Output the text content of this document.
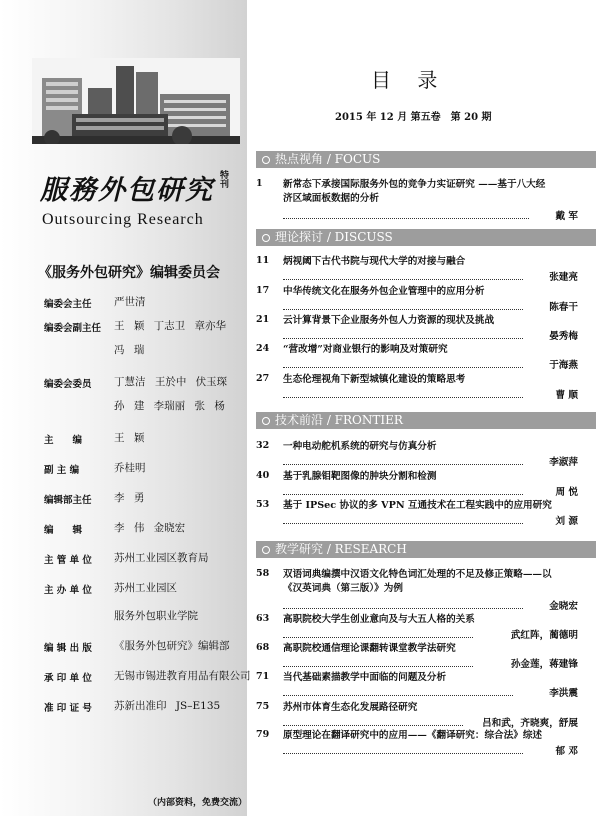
服務外包研究 特刊
Outsourcing Research
《服务外包研究》编辑委员会
编委会主任	严世清
编委会副主任	王 颖 丁志卫 章亦华
冯 瑞
编委会委员	丁慧洁 王於中 伏玉琛
孙 建 李瑞丽 张 杨
主　　编	王 颖
副 主 编	乔桂明
编辑部主任	李 勇
编　　辑	李 伟 金晓宏
主 管 单 位	苏州工业园区教育局
主 办 单 位	苏州工业园区
服务外包职业学院
编 辑 出 版	《服务外包研究》编辑部
承 印 单 位	无锡市锡进教育用品有限公司
准 印 证 号	苏新出准印 JS–E135
（内部资料，免费交流）
目 录
2015 年 12 月 第五卷　第 20 期
热点视角 / FOCUS
理论探讨 / DISCUSS
技术前沿 / FRONTIER
教学研究 / RESEARCH
1	新常态下承接国际服务外包的竞争力实证研究 ——基于八大经济区域面板数据的分析
戴 军
11	炳视阈下古代书院与现代大学的对接与融合
张建亮
17	中华传统文化在服务外包企业管理中的应用分析
陈春干
21	云计算背景下企业服务外包人力资源的现状及挑战
晏秀梅
24	“营改增”对商业银行的影响及对策研究
于海燕
27	生态伦理视角下新型城镇化建设的策略思考
曹 顺
32	一种电动舵机系统的研究与仿真分析
李淑萍
40	基于乳腺钼靶图像的肿块分割和检测
周 悦
53	基于 IPSec 协议的多 VPN 互通技术在工程实践中的应用研究
刘 源
58	双语词典编撰中汉语文化特色词汇处理的不足及修正策略——以《汉英词典（第三版）》为例
金晓宏
63	高职院校大学生创业意向及与大五人格的关系
武红阵，蔺德明
68	高职院校通信理论课翻转课堂教学法研究
孙金莲，蒋建锋
71	当代基础素描教学中面临的问题及分析
李洪震
75	苏州市体育生态化发展路径研究
吕和武，齐晓爽，舒展
79	原型理论在翻译研究中的应用——《翻译研究：综合法》综述
郁 邓
